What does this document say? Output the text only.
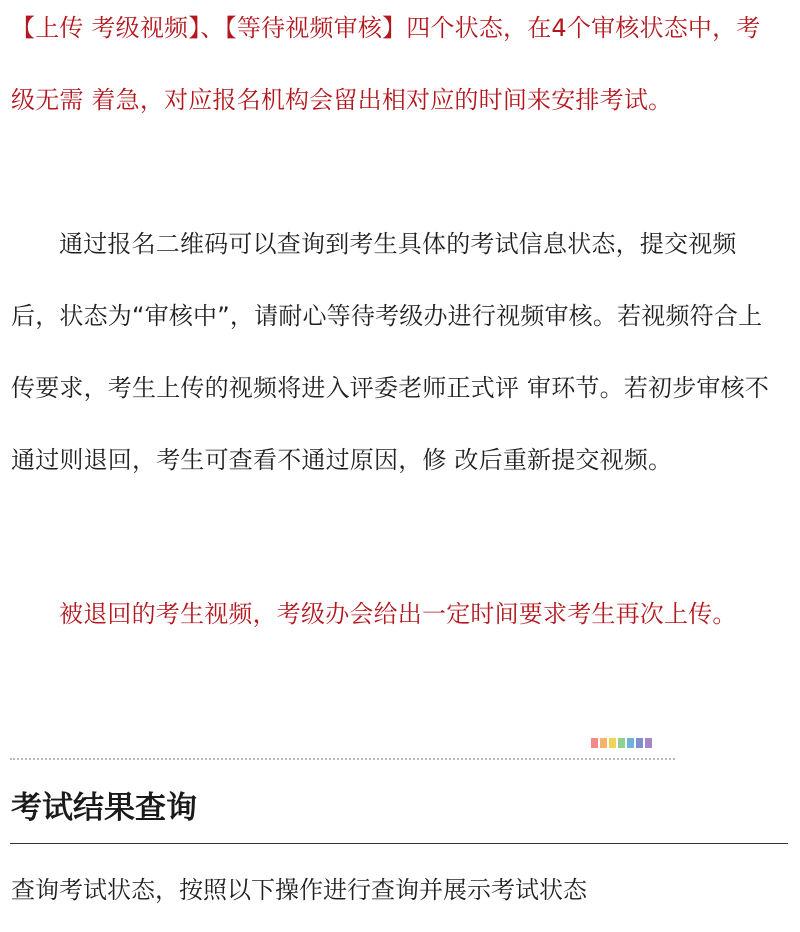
【上传 考级视频】、【等待视频审核】四个状态，在4个审核状态中，考级无需 着急，对应报名机构会留出相对应的时间来安排考试。

通过报名二维码可以查询到考生具体的考试信息状态，提交视频后，状态为“审核中”，请耐心等待考级办进行视频审核。若视频符合上传要求，考生上传的视频将进入评委老师正式评 审环节。若初步审核不通过则退回，考生可查看不通过原因，修 改后重新提交视频。

被退回的考生视频，考级办会给出一定时间要求考生再次上传。

考试结果查询

查询考试状态，按照以下操作进行查询并展示考试状态
